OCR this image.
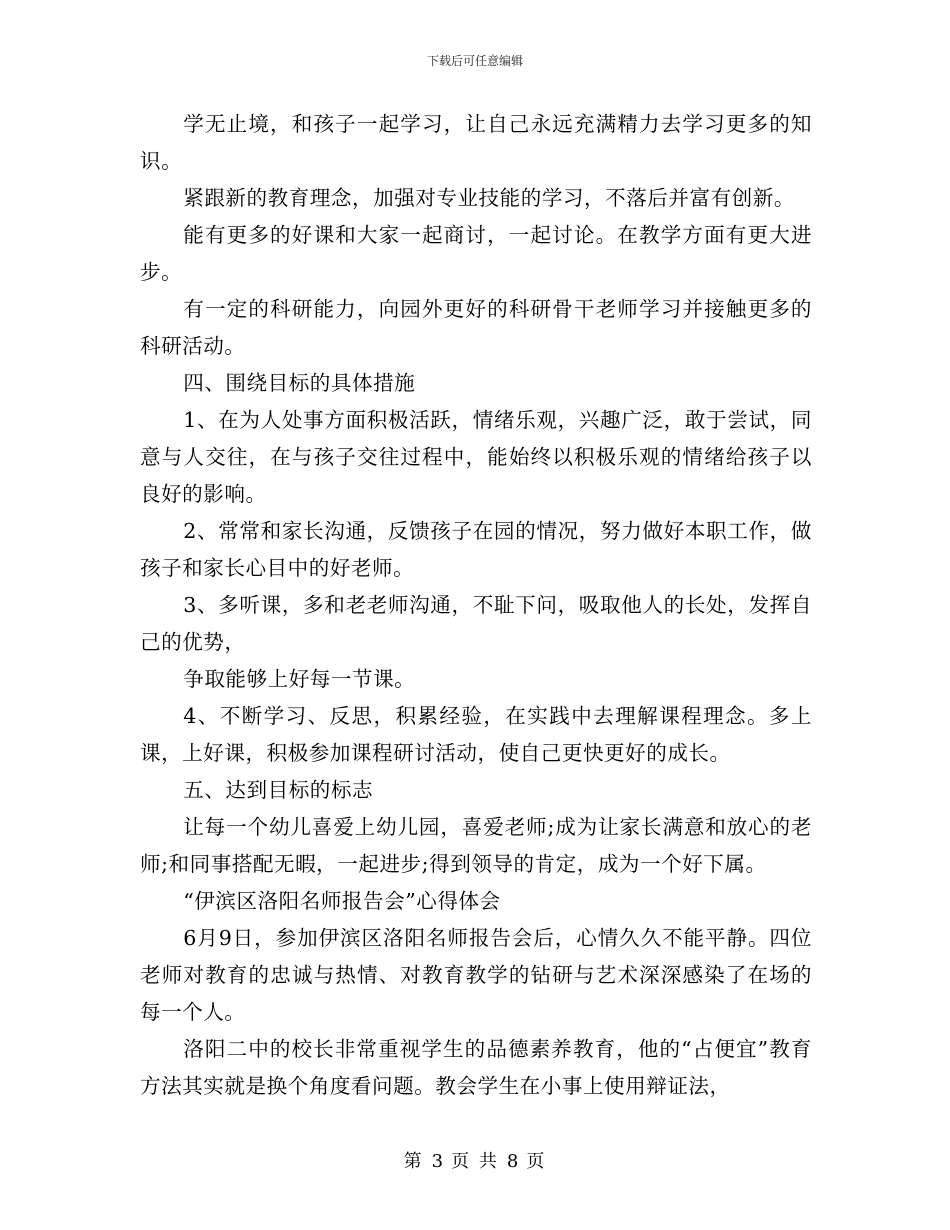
下载后可任意编辑

学无止境，和孩子一起学习，让自己永远充满精力去学习更多的知识。

紧跟新的教育理念，加强对专业技能的学习，不落后并富有创新。

能有更多的好课和大家一起商讨，一起讨论。在教学方面有更大进步。

有一定的科研能力，向园外更好的科研骨干老师学习并接触更多的科研活动。

四、围绕目标的具体措施

1、在为人处事方面积极活跃，情绪乐观，兴趣广泛，敢于尝试，同意与人交往，在与孩子交往过程中，能始终以积极乐观的情绪给孩子以良好的影响。

2、常常和家长沟通，反馈孩子在园的情况，努力做好本职工作，做孩子和家长心目中的好老师。

3、多听课，多和老老师沟通，不耻下问，吸取他人的长处，发挥自己的优势，

争取能够上好每一节课。

4、不断学习、反思，积累经验，在实践中去理解课程理念。多上课，上好课，积极参加课程研讨活动，使自己更快更好的成长。

五、达到目标的标志

让每一个幼儿喜爱上幼儿园，喜爱老师;成为让家长满意和放心的老师;和同事搭配无暇，一起进步;得到领导的肯定，成为一个好下属。

“伊滨区洛阳名师报告会”心得体会

6月9日，参加伊滨区洛阳名师报告会后，心情久久不能平静。四位老师对教育的忠诚与热情、对教育教学的钻研与艺术深深感染了在场的每一个人。

洛阳二中的校长非常重视学生的品德素养教育，他的“占便宜”教育方法其实就是换个角度看问题。教会学生在小事上使用辩证法，

第 3 页 共 8 页
